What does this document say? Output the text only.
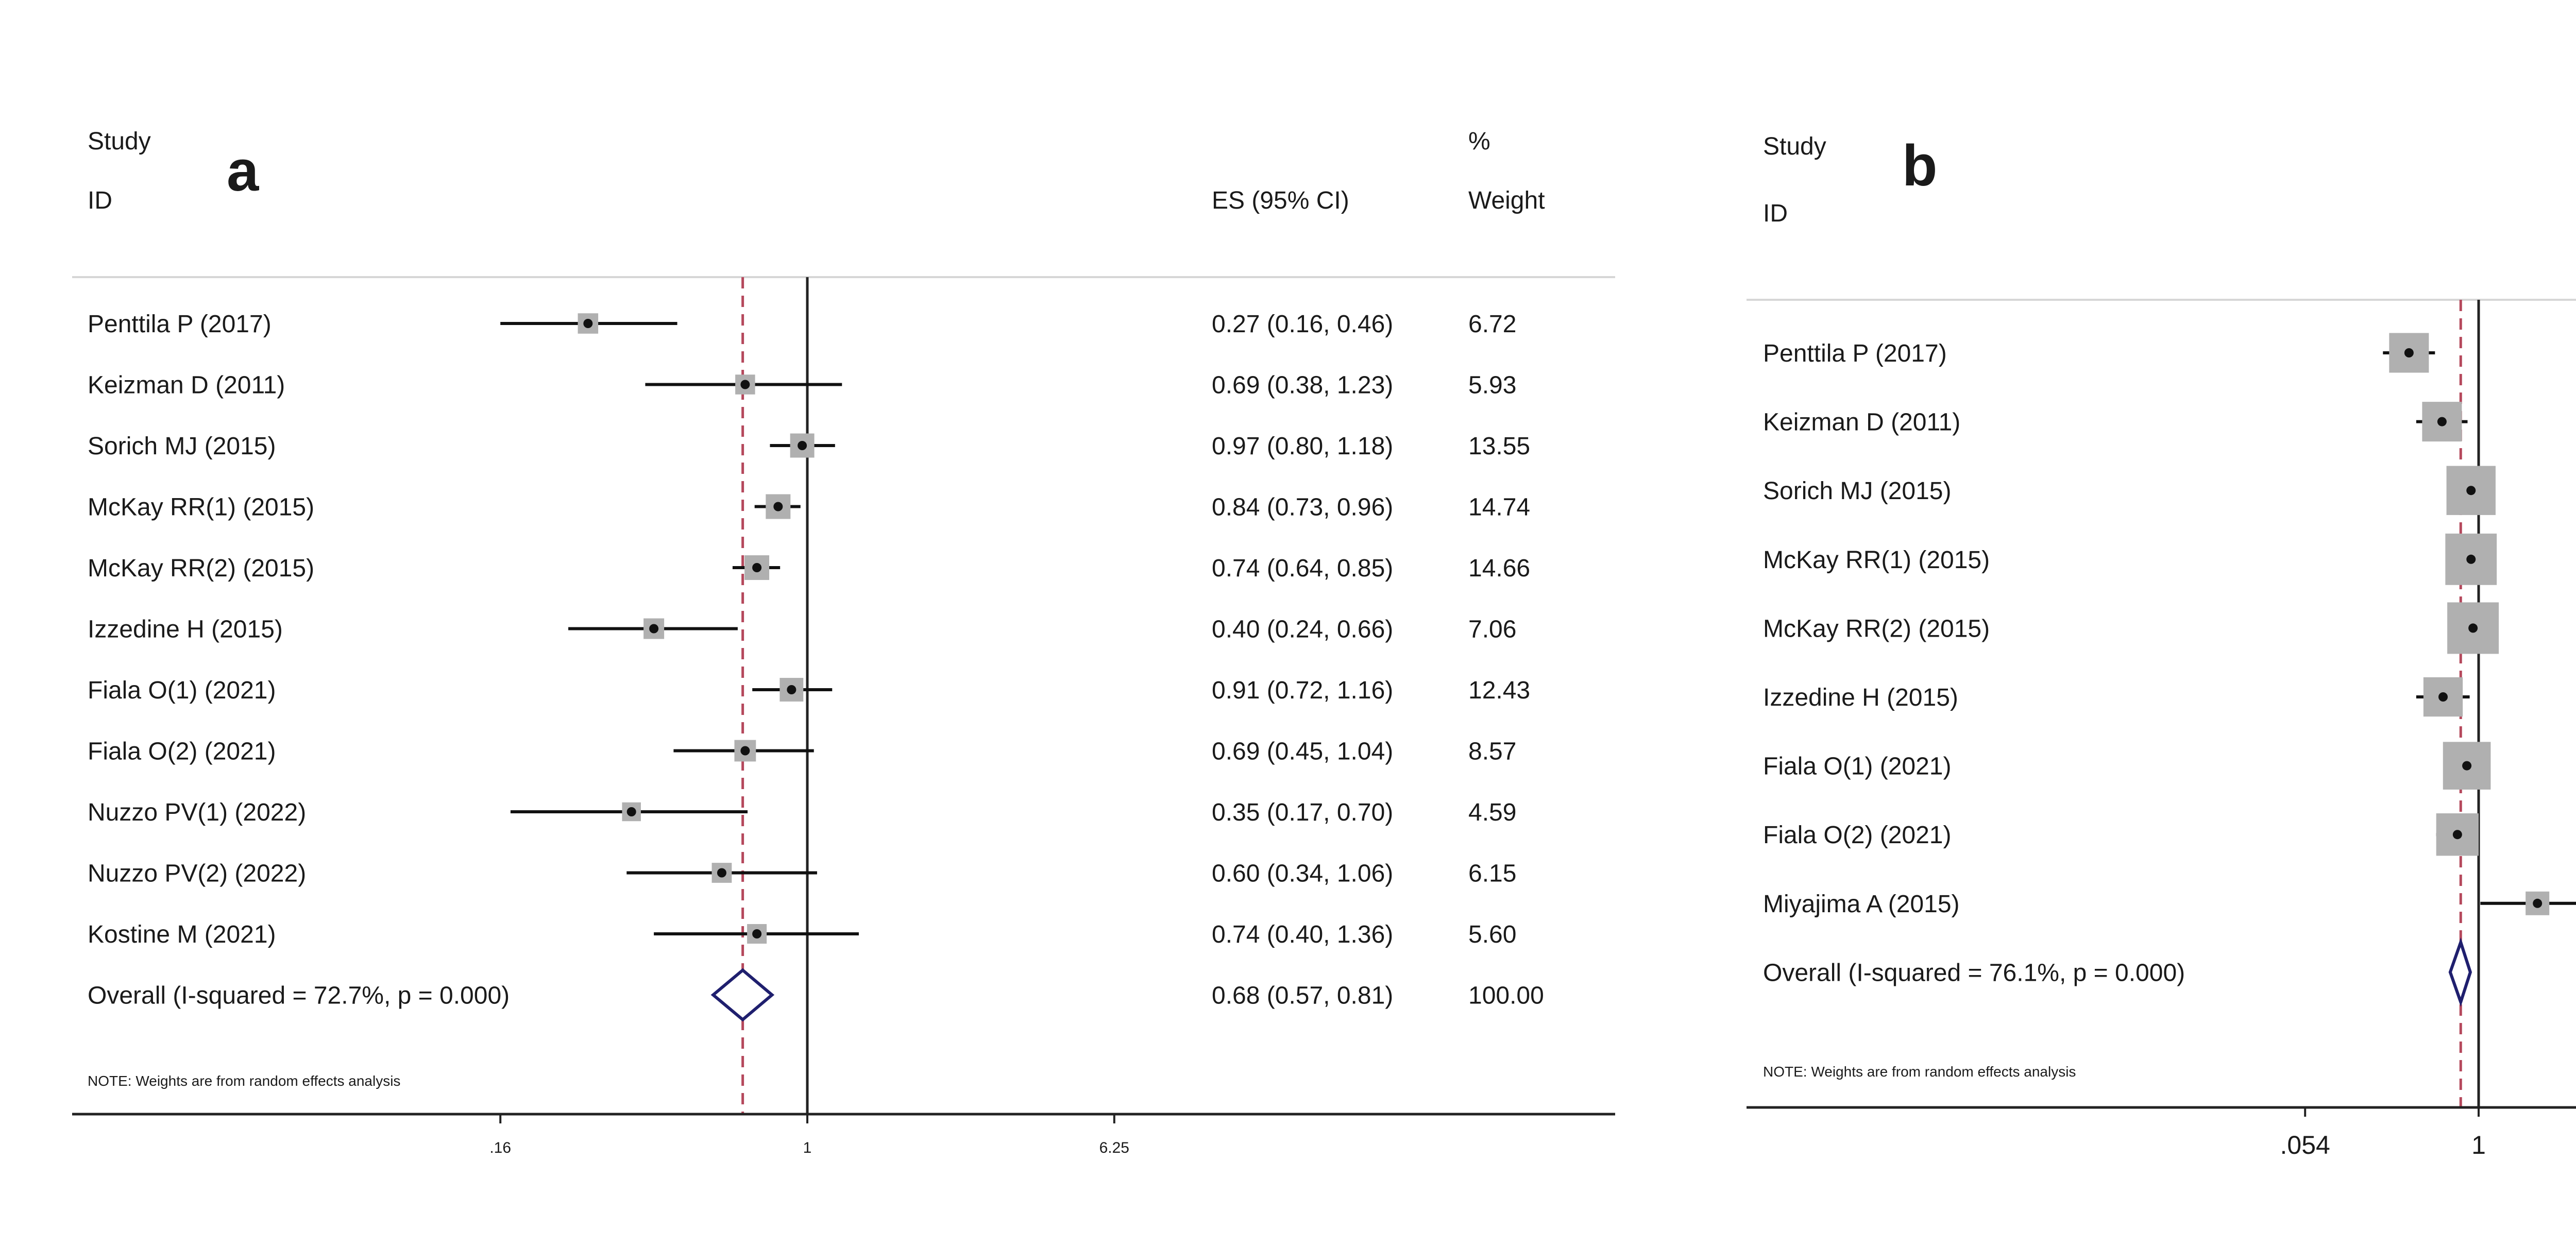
Study
ID	ES (95% CI)
%
Weight
a
Penttila P (2017)	0.27 (0.16, 0.46)	6.72
Keizman D (2011)	0.69 (0.38, 1.23)	5.93
Sorich MJ (2015)	0.97 (0.80, 1.18)	13.55
McKay RR(1) (2015)	0.84 (0.73, 0.96)	14.74
McKay RR(2) (2015)	0.74 (0.64, 0.85)	14.66
Izzedine H (2015)	0.40 (0.24, 0.66)	7.06
Fiala O(1) (2021)	0.91 (0.72, 1.16)	12.43
Fiala O(2) (2021)	0.69 (0.45, 1.04)	8.57
Nuzzo PV(1) (2022)	0.35 (0.17, 0.70)	4.59
Nuzzo PV(2) (2022)	0.60 (0.34, 1.06)	6.15
Kostine M (2021)	0.74 (0.40, 1.36)	5.60
Overall (I-squared = 72.7%, p = 0.000)	0.68 (0.57, 0.81)	100.00
NOTE: Weights are from random effects analysis
.16	1	6.25
Study
ID
b
Penttila P (2017)
Keizman D (2011)
Sorich MJ (2015)
McKay RR(1) (2015)
McKay RR(2) (2015)
Izzedine H (2015)
Fiala O(1) (2021)
Fiala O(2) (2021)
Miyajima A (2015)
Overall (I-squared = 76.1%, p = 0.000)
NOTE: Weights are from random effects analysis
.054	1
